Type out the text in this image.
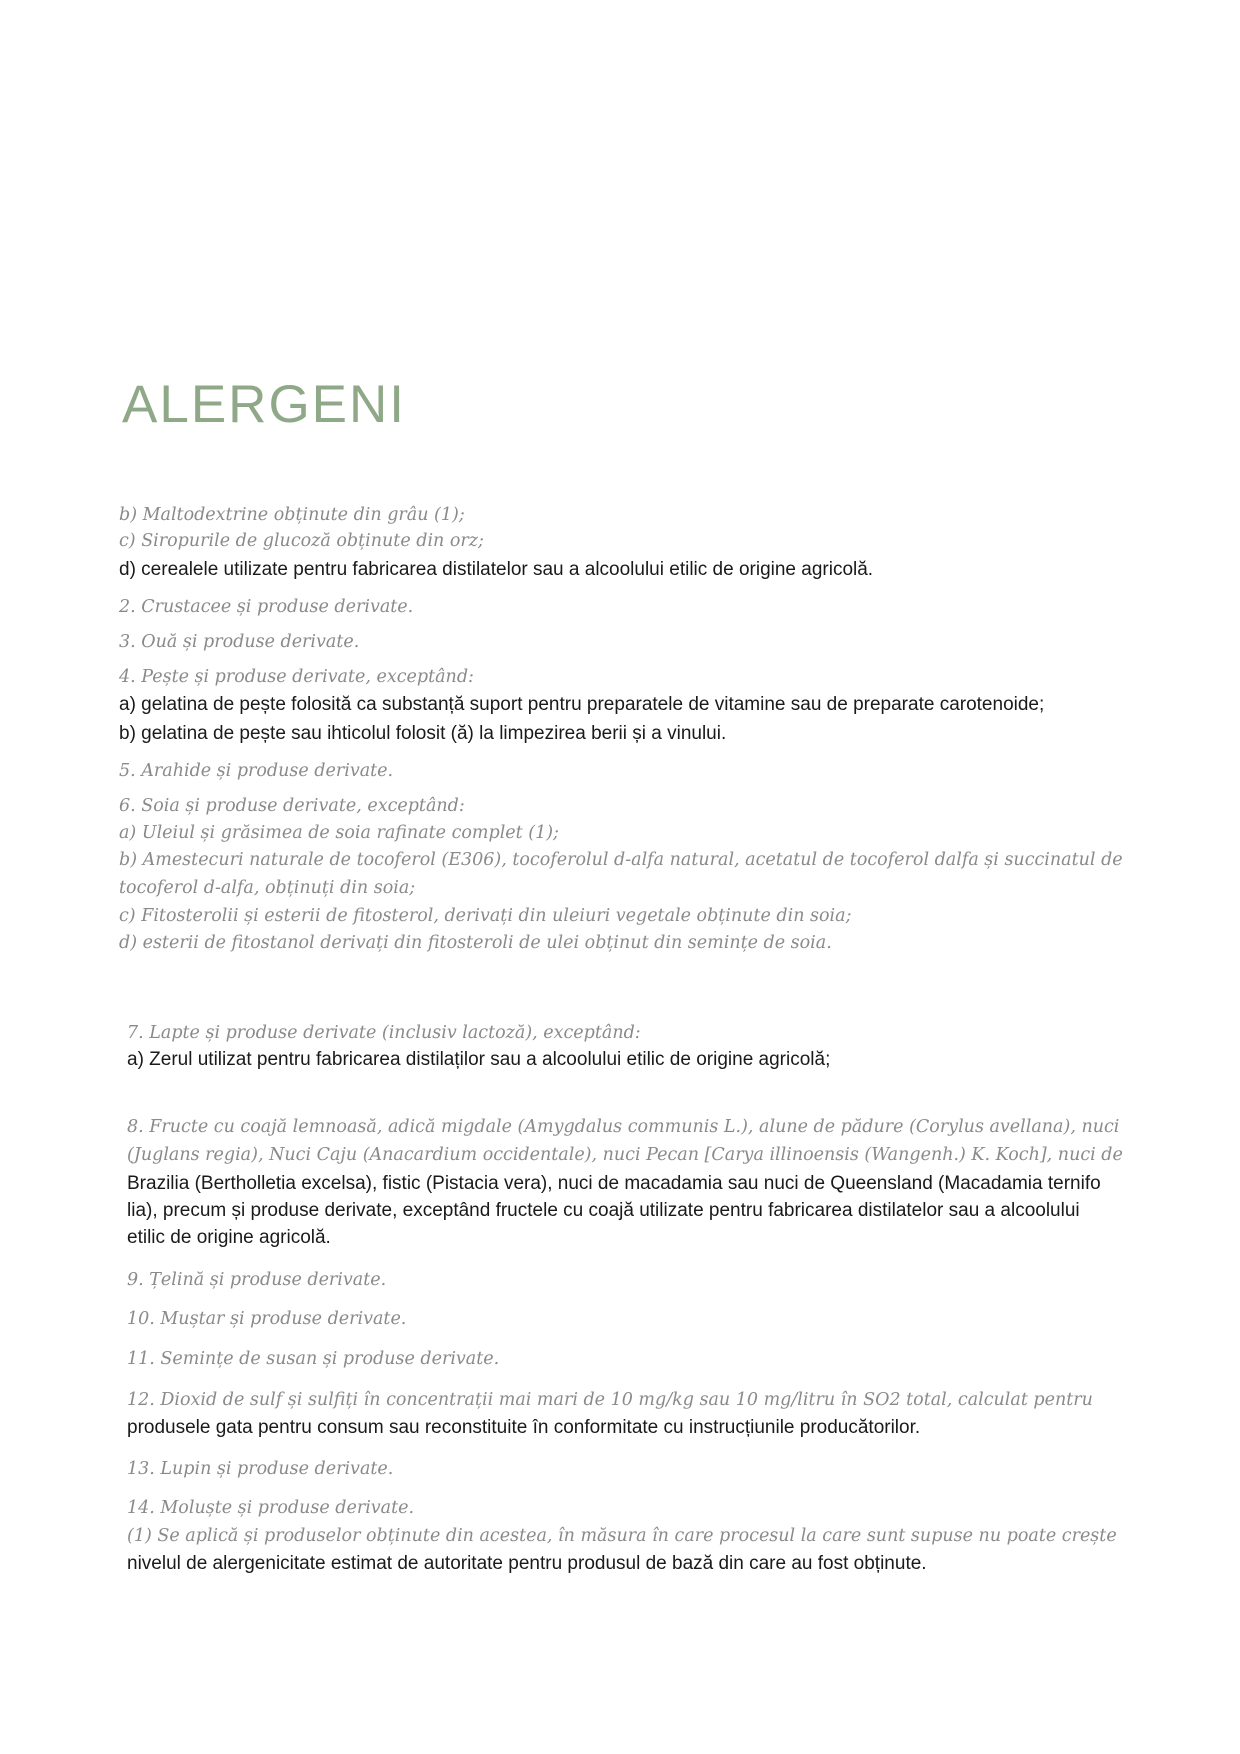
ALERGENI

b) Maltodextrine obținute din grâu (1);

c) Siropurile de glucoză obținute din orz;

d) cerealele utilizate pentru fabricarea distilatelor sau a alcoolului etilic de origine agricolă.

2. Crustacee și produse derivate.

3. Ouă și produse derivate.

4. Pește și produse derivate, exceptând:

a) gelatina de pește folosită ca substanță suport pentru preparatele de vitamine sau de preparate carotenoide;

b) gelatina de pește sau ihticolul folosit (ă) la limpezirea berii și a vinului.

5. Arahide și produse derivate.

6. Soia și produse derivate, exceptând:

a) Uleiul și grăsimea de soia rafinate complet (1);

b) Amestecuri naturale de tocoferol (E306), tocoferolul d-alfa natural, acetatul de tocoferol dalfa și succinatul de

tocoferol d-alfa, obținuți din soia;

c) Fitosterolii și esterii de fitosterol, derivați din uleiuri vegetale obținute din soia;

d) esterii de fitostanol derivați din fitosteroli de ulei obținut din semințe de soia.

7. Lapte și produse derivate (inclusiv lactoză), exceptând:

a) Zerul utilizat pentru fabricarea distilaților sau a alcoolului etilic de origine agricolă;

8. Fructe cu coajă lemnoasă, adică migdale (Amygdalus communis L.), alune de pădure (Corylus avellana), nuci

(Juglans regia), Nuci Caju (Anacardium occidentale), nuci Pecan [Carya illinoensis (Wangenh.) K. Koch], nuci de

Brazilia (Bertholletia excelsa), fistic (Pistacia vera), nuci de macadamia sau nuci de Queensland (Macadamia ternifo

lia), precum și produse derivate, exceptând fructele cu coajă utilizate pentru fabricarea distilatelor sau a alcoolului

etilic de origine agricolă.

9. Țelină și produse derivate.

10. Muștar și produse derivate.

11. Semințe de susan și produse derivate.

12. Dioxid de sulf și sulfiți în concentrații mai mari de 10 mg/kg sau 10 mg/litru în SO2 total, calculat pentru

produsele gata pentru consum sau reconstituite în conformitate cu instrucțiunile producătorilor.

13. Lupin și produse derivate.

14. Moluște și produse derivate.

(1) Se aplică și produselor obținute din acestea, în măsura în care procesul la care sunt supuse nu poate crește

nivelul de alergenicitate estimat de autoritate pentru produsul de bază din care au fost obținute.
